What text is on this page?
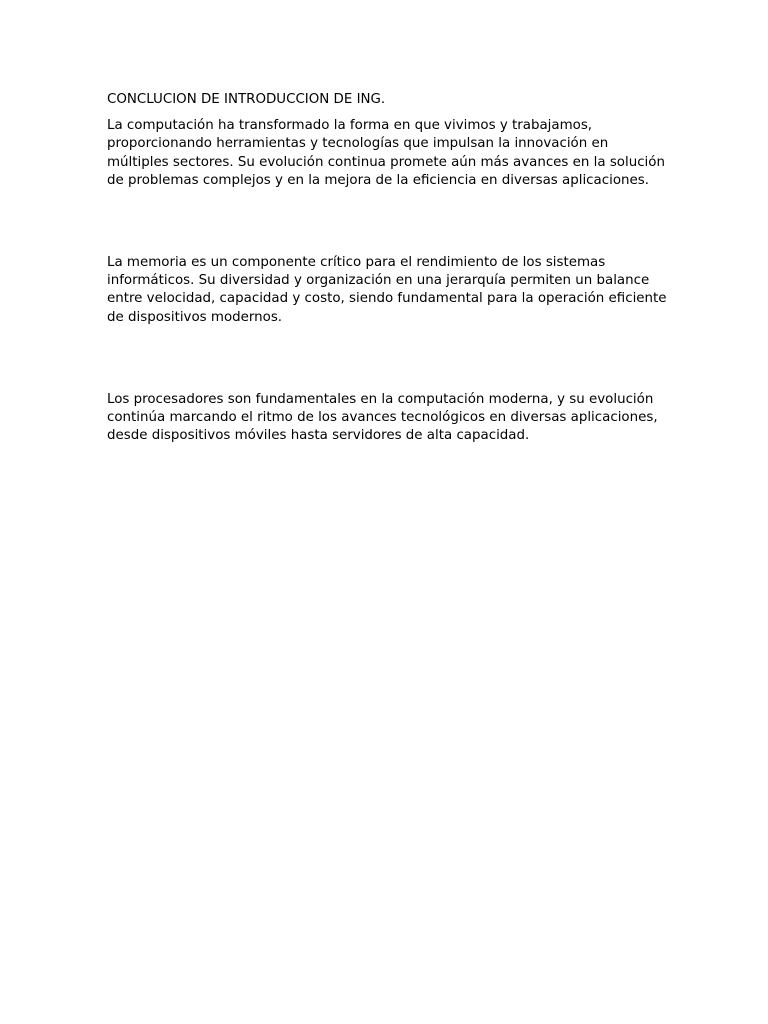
CONCLUCION DE INTRODUCCION DE ING.

La computación ha transformado la forma en que vivimos y trabajamos, proporcionando herramientas y tecnologías que impulsan la innovación en múltiples sectores. Su evolución continua promete aún más avances en la solución de problemas complejos y en la mejora de la eficiencia en diversas aplicaciones.

La memoria es un componente crítico para el rendimiento de los sistemas informáticos. Su diversidad y organización en una jerarquía permiten un balance entre velocidad, capacidad y costo, siendo fundamental para la operación eficiente de dispositivos modernos.

Los procesadores son fundamentales en la computación moderna, y su evolución continúa marcando el ritmo de los avances tecnológicos en diversas aplicaciones, desde dispositivos móviles hasta servidores de alta capacidad.
